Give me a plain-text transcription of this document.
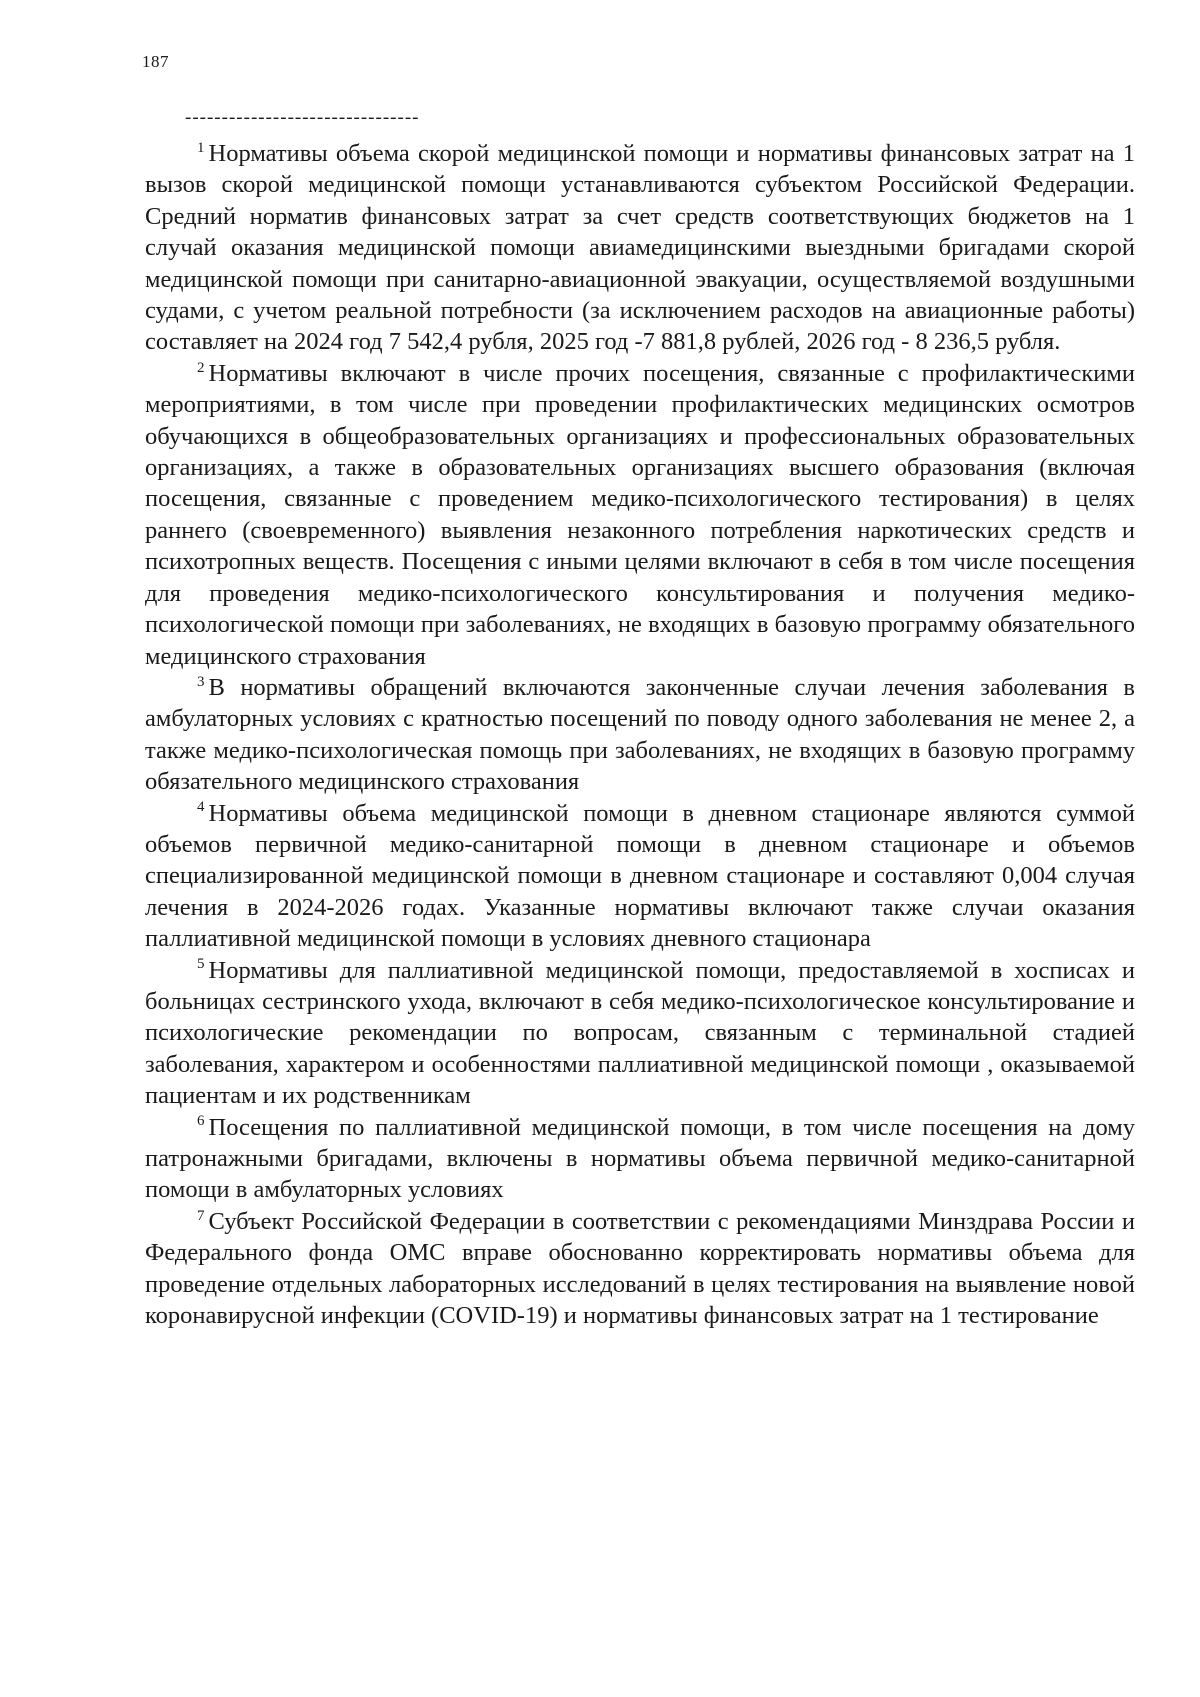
187
--------------------------------

$^1$ Нормативы объема скорой медицинской помощи и нормативы финансовых затрат на 1 вызов скорой медицинской помощи устанавливаются субъектом Российской Федерации. Средний норматив финансовых затрат за счет средств соответствующих бюджетов на 1 случай оказания медицинской помощи авиамедицинскими выездными бригадами скорой медицинской помощи при санитарно-авиационной эвакуации, осуществляемой воздушными судами, с учетом реальной потребности (за исключением расходов на авиационные работы) составляет на 2024 год 7 542,4 рубля, 2025 год -7 881,8 рублей, 2026 год - 8 236,5 рубля.

$^2$ Нормативы включают в числе прочих посещения, связанные с профилактическими мероприятиями, в том числе при проведении профилактических медицинских осмотров обучающихся в общеобразовательных организациях и профессиональных образовательных организациях, а также в образовательных организациях высшего образования (включая посещения, связанные с проведением медико-психологического тестирования) в целях раннего (своевременного) выявления незаконного потребления наркотических средств и психотропных веществ. Посещения с иными целями включают в себя в том числе посещения для проведения медико-психологического консультирования и получения медико-психологической помощи при заболеваниях, не входящих в базовую программу обязательного медицинского страхования

$^3$ В нормативы обращений включаются законченные случаи лечения заболевания в амбулаторных условиях с кратностью посещений по поводу одного заболевания не менее 2, а также медико-психологическая помощь при заболеваниях, не входящих в базовую программу обязательного медицинского страхования

$^4$ Нормативы объема медицинской помощи в дневном стационаре являются суммой объемов первичной медико-санитарной помощи в дневном стационаре и объемов специализированной медицинской помощи в дневном стационаре и составляют 0,004 случая лечения в 2024-2026 годах. Указанные нормативы включают также случаи оказания паллиативной медицинской помощи в условиях дневного стационара

$^5$ Нормативы для паллиативной медицинской помощи, предоставляемой в хосписах и больницах сестринского ухода, включают в себя медико-психологическое консультирование и психологические рекомендации по вопросам, связанным с терминальной стадией заболевания, характером и особенностями паллиативной медицинской помощи , оказываемой пациентам и их родственникам

$^6$ Посещения по паллиативной медицинской помощи, в том числе посещения на дому патронажными бригадами, включены в нормативы объема первичной медико-санитарной помощи в амбулаторных условиях

$^7$ Субъект Российской Федерации в соответствии с рекомендациями Минздрава России и Федерального фонда ОМС вправе обоснованно корректировать нормативы объема для проведение отдельных лабораторных исследований в целях тестирования на выявление новой коронавирусной инфекции (COVID-19) и нормативы финансовых затрат на 1 тестирование
